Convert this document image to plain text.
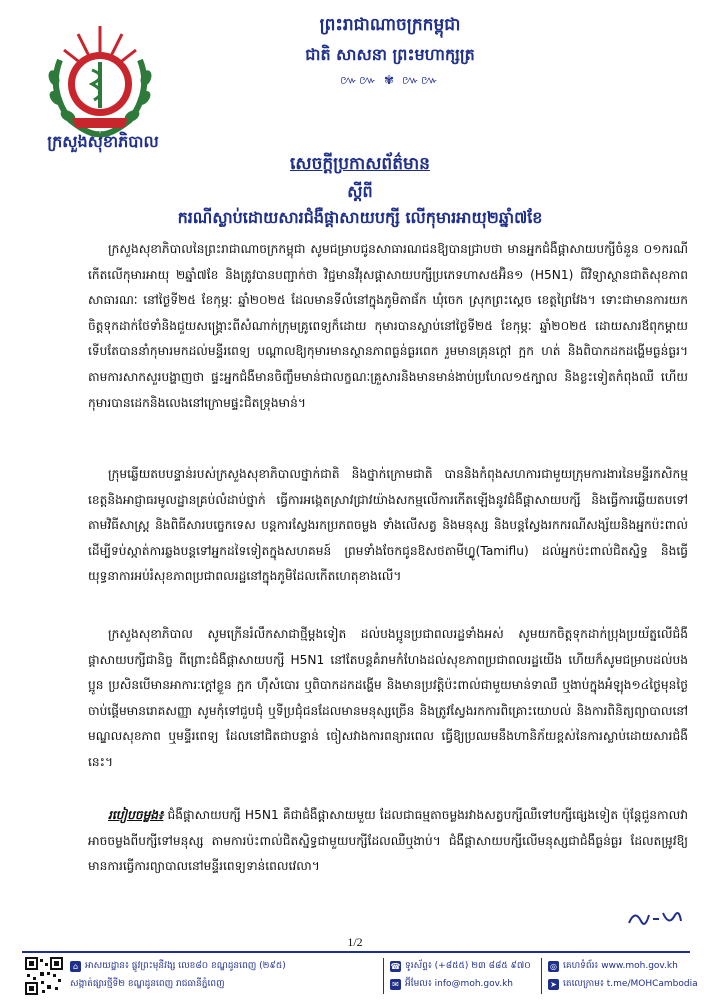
ក្រសួងសុខាភិបាល
ព្រះរាជាណាចក្រកម្ពុជា
ជាតិ សាសនា ព្រះមហាក្សត្រ
៚៚ ✾ ៚៚
សេចក្តីប្រកាសព័ត៌មាន
ស្តីពី
ករណីស្លាប់ដោយសារជំងឺផ្តាសាយបក្សី លើកុមារអាយុ២ឆ្នាំ៧ខែ

ក្រសួងសុខាភិបាលនៃព្រះរាជាណាចក្រកម្ពុជា សូមជម្រាបជូនសាធារណជនឱ្យបានជ្រាបថា មានអ្នកជំងឺផ្តាសាយបក្សីចំនួន ០១ករណី កើតលើកុមារអាយុ ២ឆ្នាំ៧ខែ និងត្រូវបានបញ្ជាក់ថា វិជ្ជមានវីរុសផ្តាសាយបក្សីប្រភេទហាស៥អ៊ិន១ (H5N1) ពីវិទ្យាស្ថានជាតិសុខភាពសាធារណៈ នៅថ្ងៃទី២៥ ខែកុម្ភៈ ឆ្នាំ២០២៥ ដែលមានទីលំនៅក្នុងភូមិតាផ័ក ឃុំចេក ស្រុកព្រះស្តេច ខេត្តព្រៃវែង។ ទោះជាមានការយកចិត្តទុកដាក់ថែទាំនិងជួយសង្គ្រោះពីសំណាក់ក្រុមគ្រូពេទ្យក៏ដោយ កុមារបានស្លាប់នៅថ្ងៃទី២៥ ខែកុម្ភៈ ឆ្នាំ២០២៥ ដោយសារឪពុកម្តាយទើបតែបាននាំកុមារមកដល់មន្ទីរពេទ្យ បណ្តាលឱ្យកុមារមានស្ថានភាពធ្ងន់ធ្ងរពេក រួមមានគ្រុនក្តៅ ក្អក ហត់ និងពិបាកដកដង្ហើមធ្ងន់ធ្ងរ។ តាមការសាកសួរបង្ហាញថា ផ្ទះអ្នកជំងឺមានចិញ្ចឹមមាន់ជាលក្ខណៈគ្រួសារនិងមានមាន់ងាប់ប្រហែល១៥ក្បាល និងខ្លះទៀតកំពុងឈឺ ហើយកុមារបានដេកនិងលេងនៅក្រោមផ្ទះជិតទ្រុងមាន់។

ក្រុមឆ្លើយតបបន្ទាន់របស់ក្រសួងសុខាភិបាលថ្នាក់ជាតិ និងថ្នាក់ក្រោមជាតិ បាននិងកំពុងសហការជាមួយក្រុមការងារនៃមន្ទីរកសិកម្មខេត្តនិងអាជ្ញាធរមូលដ្ឋានគ្រប់លំដាប់ថ្នាក់ ធ្វើការអង្កេតស្រាវជ្រាវយ៉ាងសកម្មលើការកើតឡើងនូវជំងឺផ្តាសាយបក្សី និងធ្វើការឆ្លើយតបទៅតាមវិធីសាស្ត្រ និងពិធីសារបច្ចេកទេស បន្តការស្វែងរកប្រភពចម្លង ទាំងលើសត្វ និងមនុស្ស និងបន្តស្វែងរកករណីសង្ស័យនិងអ្នកប៉ះពាល់ ដើម្បីទប់ស្កាត់ការឆ្លងបន្តទៅអ្នកដទៃទៀតក្នុងសហគមន៍ ព្រមទាំងចែកជូនឱសថតាមីហ្វ្លូ(Tamiflu) ដល់អ្នកប៉ះពាល់ជិតស្និទ្ធ និងធ្វើយុទ្ធនាការអប់រំសុខភាពប្រជាពលរដ្ឋនៅក្នុងភូមិដែលកើតហេតុខាងលើ។

ក្រសួងសុខាភិបាល សូមក្រើនរំលឹកសាជាថ្មីម្តងទៀត ដល់បងប្អូនប្រជាពលរដ្ឋទាំងអស់ សូមយកចិត្តទុកដាក់ប្រុងប្រយ័ត្នលើជំងឺផ្តាសាយបក្សីជានិច្ច ពីព្រោះជំងឺផ្តាសាយបក្សី H5N1 នៅតែបន្តគំរាមកំហែងដល់សុខភាពប្រជាពលរដ្ឋយើង ហើយក៏សូមជម្រាបដល់បងប្អូន ប្រសិនបើមានអាការៈក្តៅខ្លួន ក្អក ហ៊ឺសំបោរ ឬពិបាកដកដង្ហើម និងមានប្រវត្តិប៉ះពាល់ជាមួយមាន់ទាឈឺ ឬងាប់ក្នុងអំឡុង១៤ថ្ងៃមុនថ្ងៃចាប់ផ្តើមមានរោគសញ្ញា សូមកុំទៅជួបជុំ ឬទីប្រជុំជនដែលមានមនុស្សច្រើន និងត្រូវស្វែងរកការពិគ្រោះយោបល់ និងការពិនិត្យព្យាបាលនៅមណ្ឌលសុខភាព ឬមន្ទីរពេទ្យ ដែលនៅជិតជាបន្ទាន់ ចៀសវាងការពន្យារពេល ធ្វើឱ្យប្រឈមនឹងហានិភ័យខ្ពស់នៃការស្លាប់ដោយសារជំងឺនេះ។

របៀបចម្លង៖ ជំងឺផ្តាសាយបក្សី H5N1 គឺជាជំងឺផ្តាសាយមួយ ដែលជាធម្មតាចម្លងរវាងសត្វបក្សីឈឺទៅបក្សីផ្សេងទៀត ប៉ុន្តែជួនកាលវាអាចចម្លងពីបក្សីទៅមនុស្ស តាមការប៉ះពាល់ជិតស្និទ្ធជាមួយបក្សីដែលឈឺឬងាប់។ ជំងឺផ្តាសាយបក្សីលើមនុស្សជាជំងឺធ្ងន់ធ្ងរ ដែលតម្រូវឱ្យមានការធ្វើការព្យាបាលនៅមន្ទីរពេទ្យទាន់ពេលវេលា។

1/2
⌂ អាសយដ្ឋាន៖ ផ្លូវព្រះមុនីវង្ស លេខ៨០ ខណ្ឌដូនពេញ (២៩៥)
សង្កាត់ផ្សារថ្មីទី២ ខណ្ឌដូនពេញ រាជធានីភ្នំពេញ
☎ ទូរស័ព្ទ៖ (+៨៥៥) ២៣ ៨៨៥ ៩៧០
✉ អ៊ីមែល៖ info@moh.gov.kh
◎ គេហទំព័រ៖ www.moh.gov.kh
➤ តេលេក្រាម៖ t.me/MOHCambodia
